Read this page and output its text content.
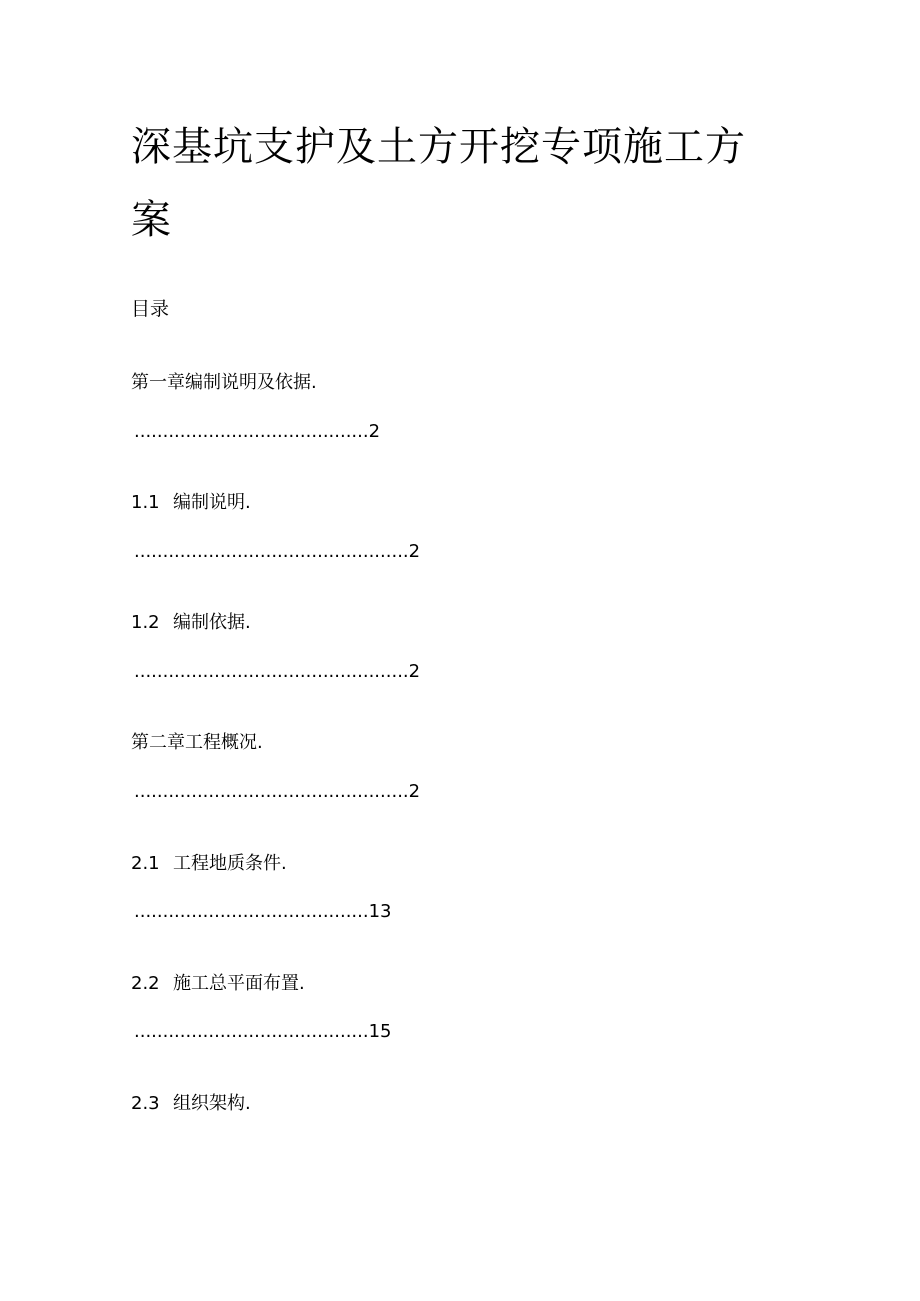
深基坑支护及土方开挖专项施工方
案
目录
第一章编制说明及依据.
.........................................2
1.1 编制说明.
................................................2
1.2 编制依据.
................................................2
第二章工程概况.
................................................2
2.1 工程地质条件.
.........................................13
2.2 施工总平面布置.
.........................................15
2.3 组织架构.
